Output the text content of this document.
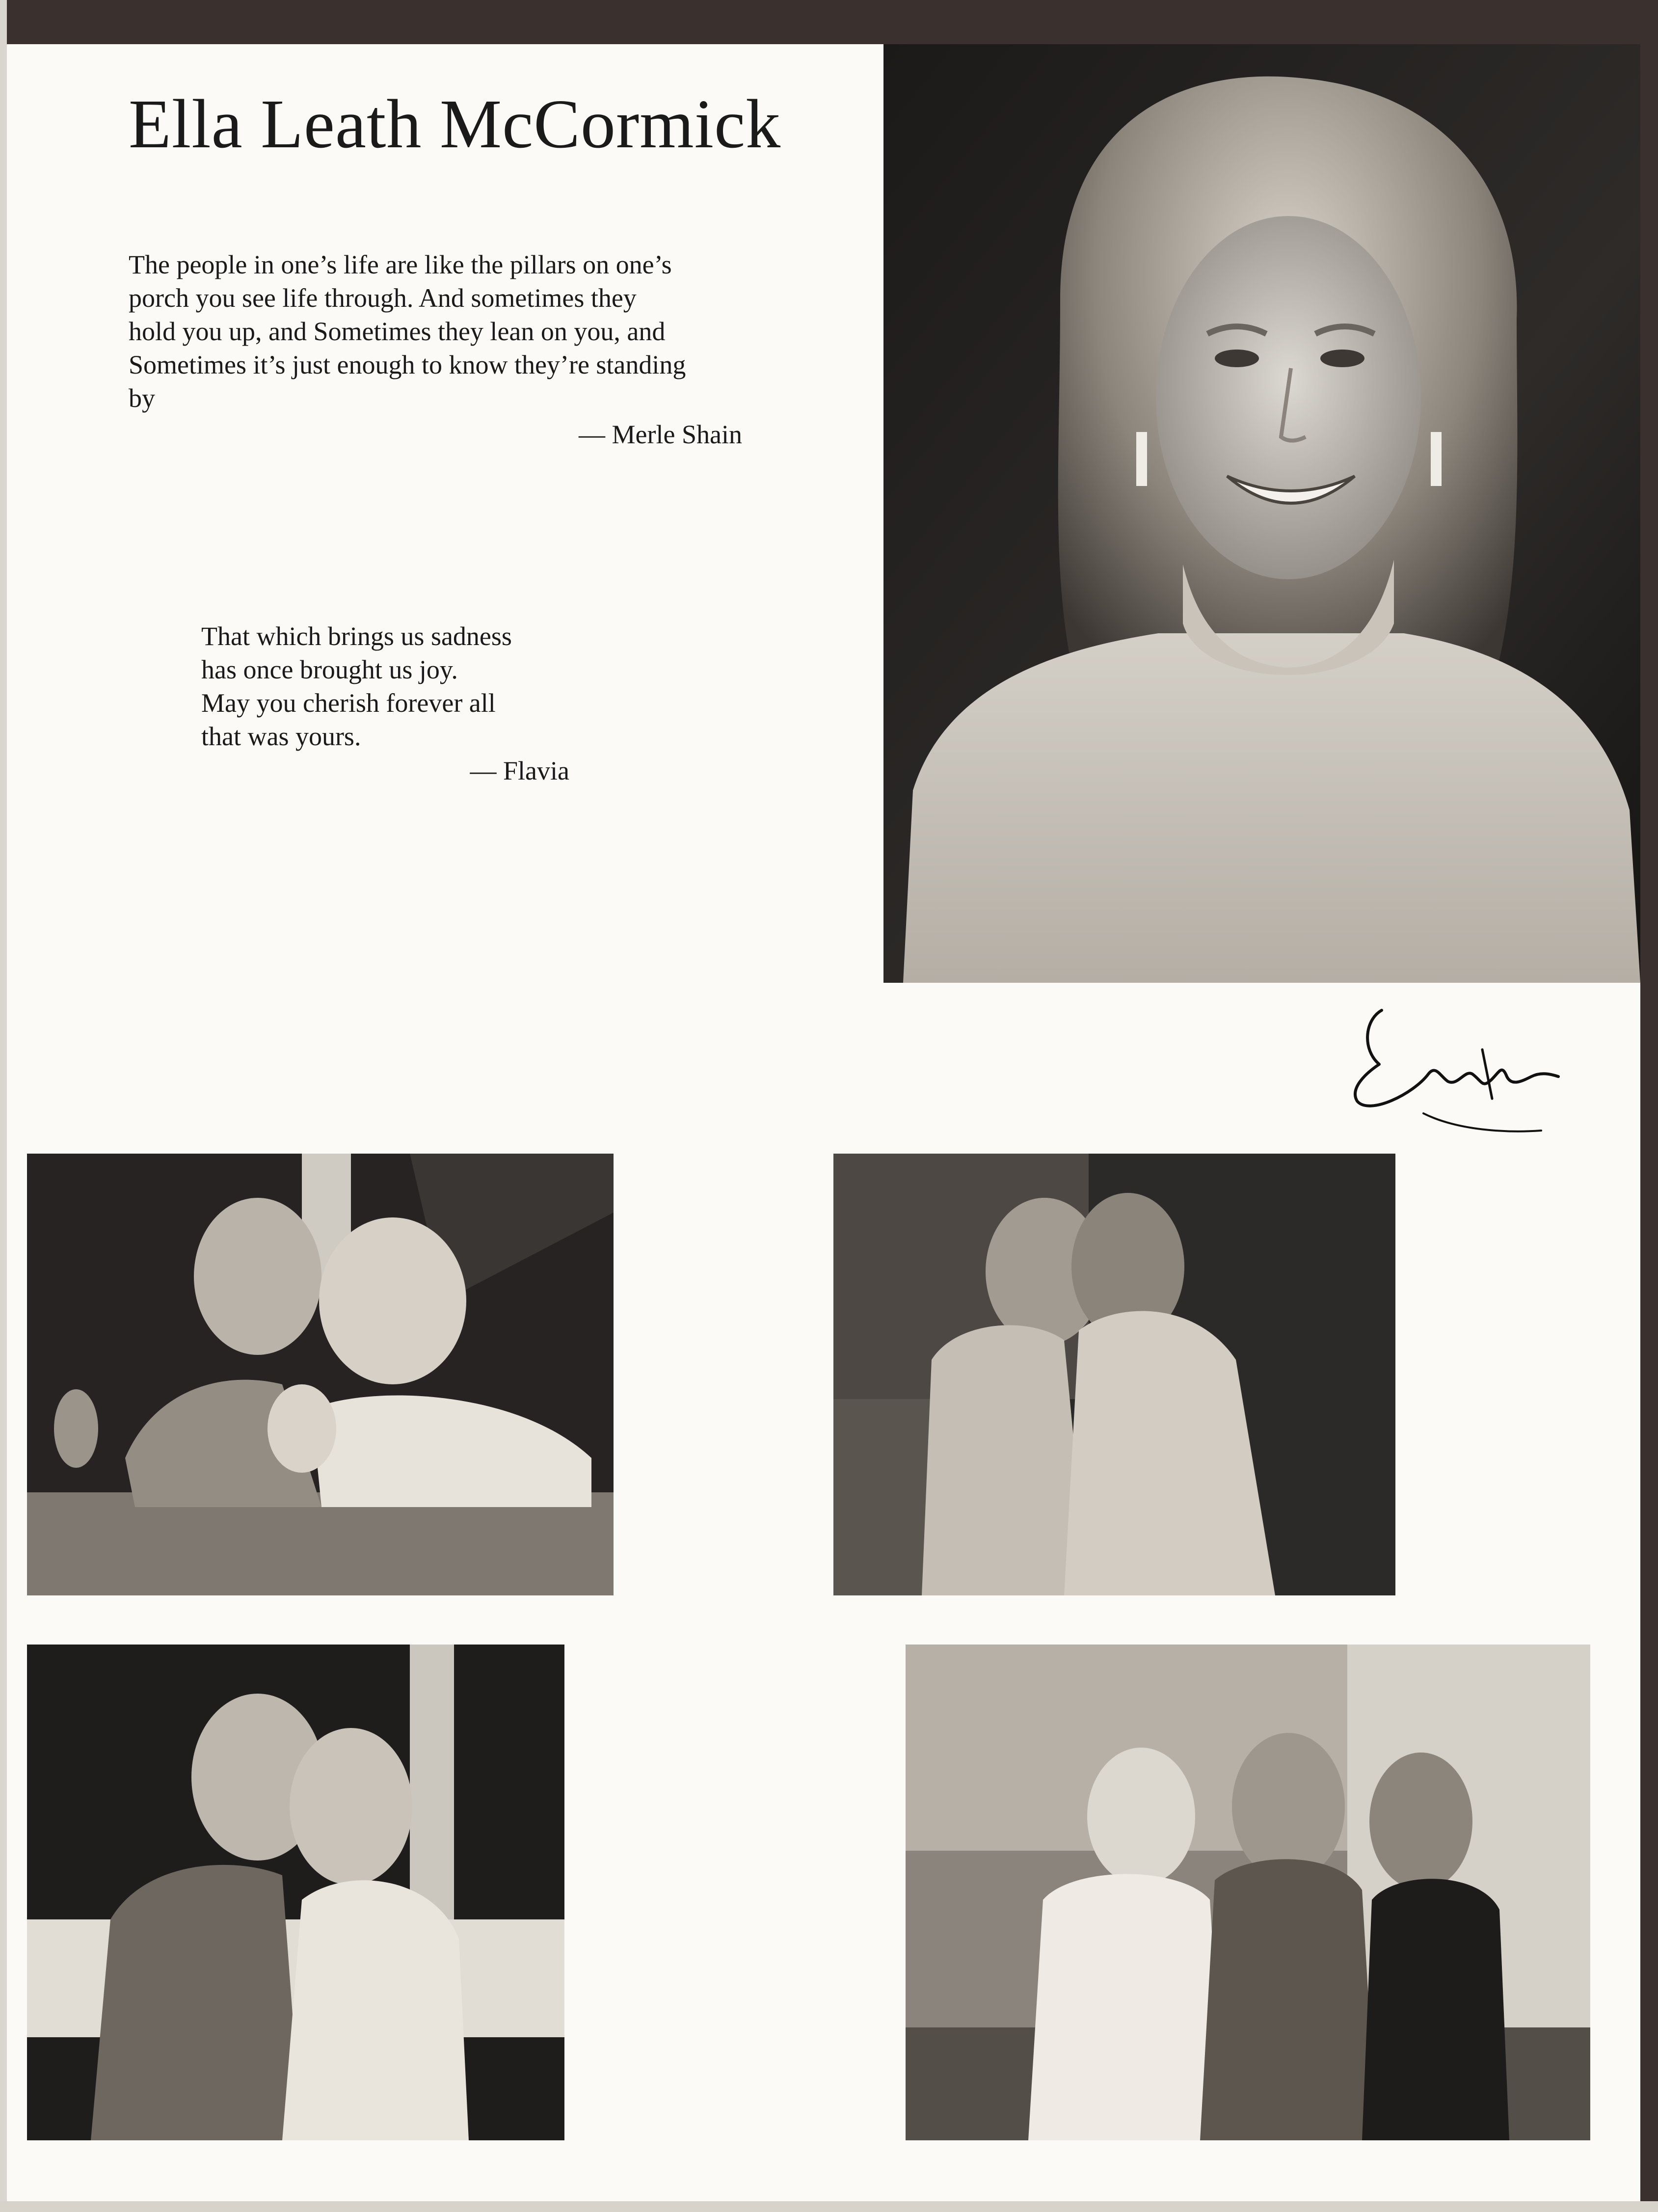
Ella Leath McCormick

The people in one’s life are like the pillars on one’s
porch you see life through. And sometimes they
hold you up, and Sometimes they lean on you, and
Sometimes it’s just enough to know they’re standing
by

— Merle Shain

That which brings us sadness
has once brought us joy.
May you cherish forever all
that was yours.

— Flavia
